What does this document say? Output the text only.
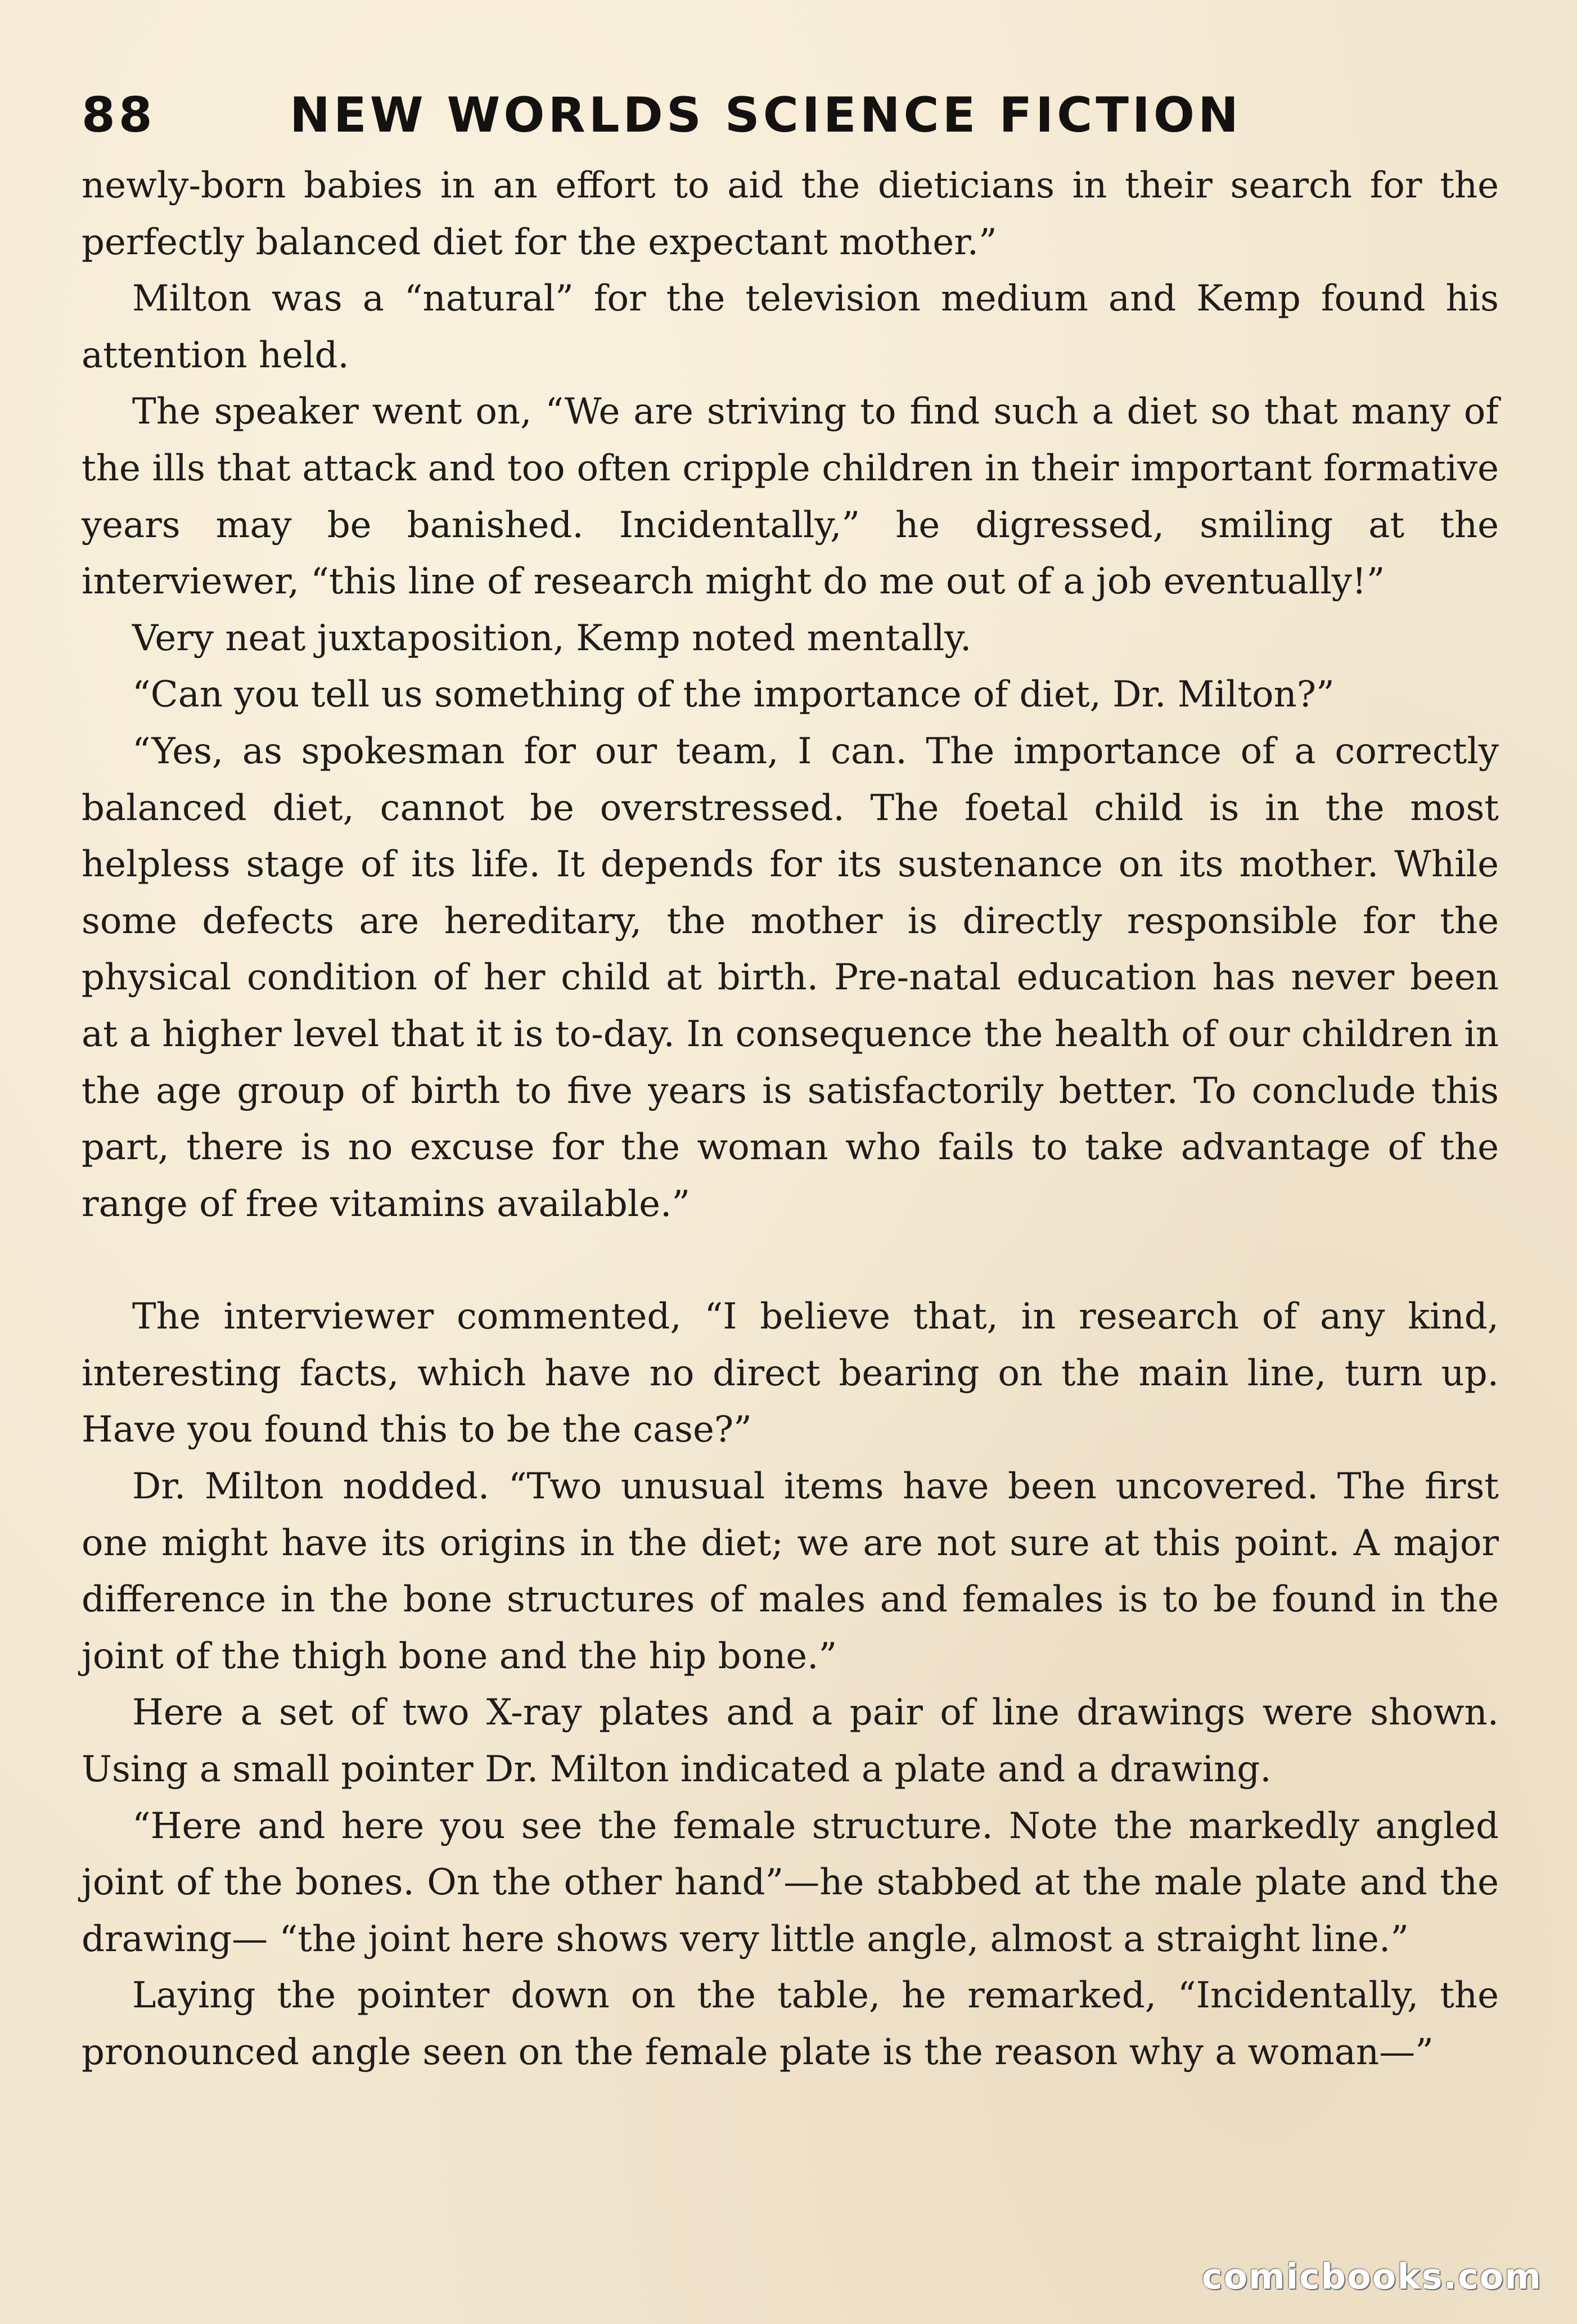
88	NEW WORLDS SCIENCE FICTION

newly-born babies in an effort to aid the dieticians in their search for the perfectly balanced diet for the expectant mother.”

Milton was a “natural” for the television medium and Kemp found his attention held.

The speaker went on, “We are striving to find such a diet so that many of the ills that attack and too often cripple children in their important formative years may be banished. Incidentally,” he digressed, smiling at the interviewer, “this line of research might do me out of a job eventually!”

Very neat juxtaposition, Kemp noted mentally.

“Can you tell us something of the importance of diet, Dr. Milton?”

“Yes, as spokesman for our team, I can. The importance of a correctly balanced diet, cannot be overstressed. The foetal child is in the most helpless stage of its life. It depends for its sustenance on its mother. While some defects are hereditary, the mother is directly responsible for the physical condition of her child at birth. Pre-natal education has never been at a higher level that it is to-day. In consequence the health of our children in the age group of birth to five years is satisfactorily better. To conclude this part, there is no excuse for the woman who fails to take advantage of the range of free vitamins available.”

The interviewer commented, “I believe that, in research of any kind, interesting facts, which have no direct bearing on the main line, turn up. Have you found this to be the case?”

Dr. Milton nodded. “Two unusual items have been uncovered. The first one might have its origins in the diet; we are not sure at this point. A major difference in the bone structures of males and females is to be found in the joint of the thigh bone and the hip bone.”

Here a set of two X-ray plates and a pair of line drawings were shown. Using a small pointer Dr. Milton indicated a plate and a drawing.

“Here and here you see the female structure. Note the markedly angled joint of the bones. On the other hand”—he stabbed at the male plate and the drawing— “the joint here shows very little angle, almost a straight line.”

Laying the pointer down on the table, he remarked, “Incidentally, the pronounced angle seen on the female plate is the reason why a woman—”

comicbooks.com
